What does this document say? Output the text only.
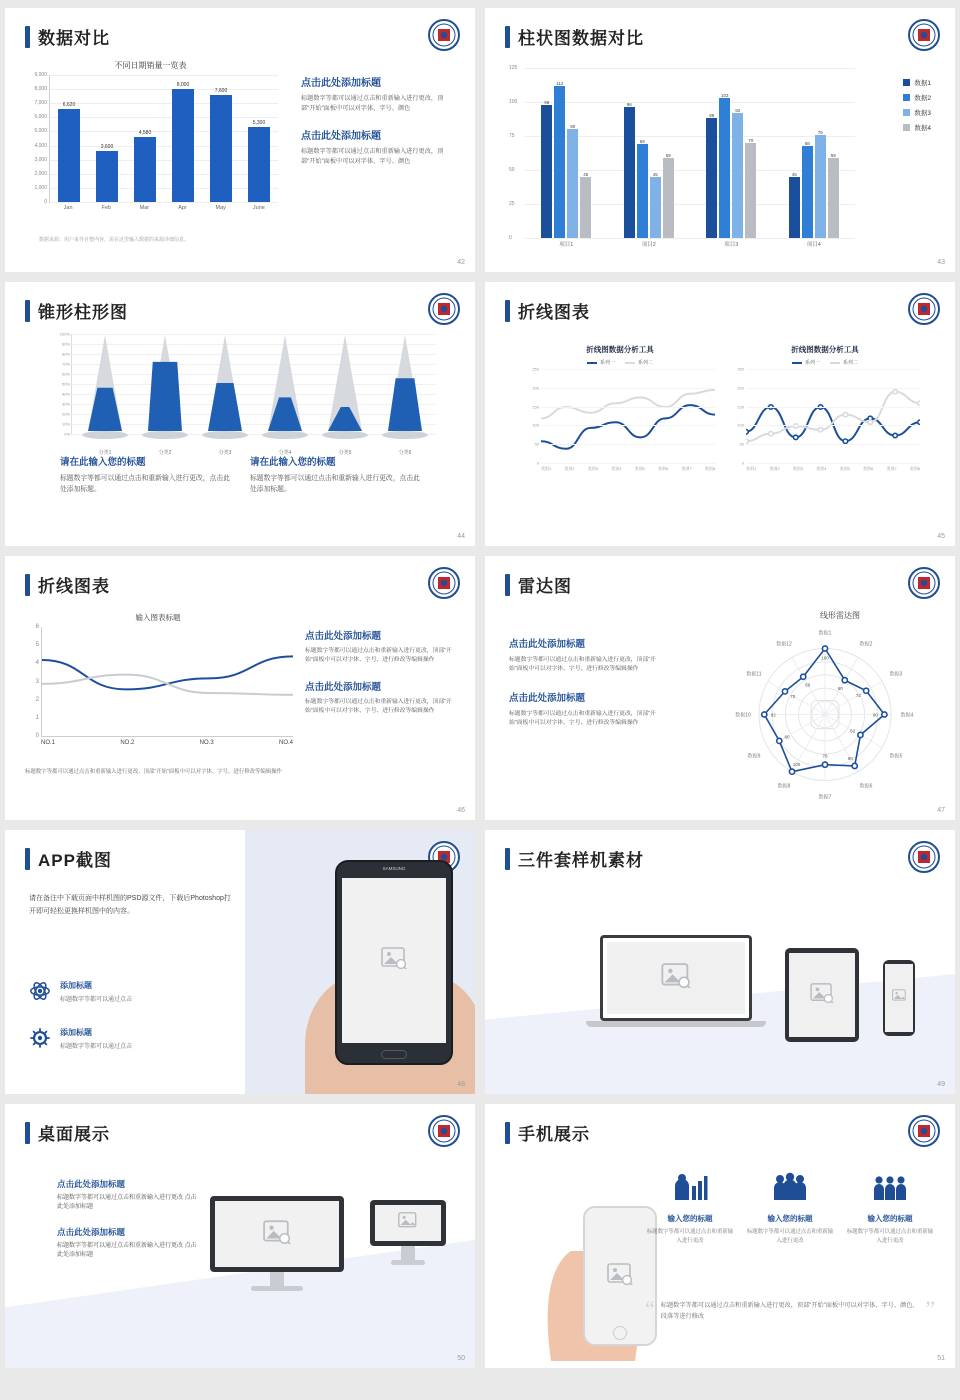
数据对比
不同日期销量一览表
9,000
8,000
7,000
6,000
5,000
4,000
3,000
2,000
1,000
0
6,620
3,600
4,580
8,000
7,600
5,300
Jan	Feb	Mar	Apr	May	June
数据来源：用户来导自整内容，需在这里输入数据的来源详细信息。
点击此处添加标题

标题数字等都可以通过点击和重新输入进行更改，顶部“开始”面板中可以对字体、字号、颜色

点击此处添加标题

标题数字等都可以通过点击和重新输入进行更改，顶部“开始”面板中可以对字体、字号、颜色

42
柱状图数据对比
125
100
75
50
25
0
98
112
80
45
96
69
45
59
88
103
92
70
45
68
76
59
项目1	项目2	项目3	项目4
数据1
数据2
数据3
数据4
43
锥形柱形图
100%
90%
80%
70%
60%
50%
40%
30%
20%
10%
0%
分类1	分类2	分类3	分类4	分类5	分类6
请在此输入您的标题

标题数字等都可以通过点击和重新输入进行更改，点击此处添加标题。

请在此输入您的标题

标题数字等都可以通过点击和重新输入进行更改，点击此处添加标题。

44
折线图表
折线图数据分析工具
系列一	系列二
250
200
150
100
50
0
类别1	类别2	类别3	类别4	类别5	类别6	类别7	类别8
折线图数据分析工具
系列一	系列二
250
200
150
100
50
0
类别1	类别2	类别3	类别4	类别5	类别6	类别7	类别8
45
折线图表
输入图表标题
6
5
4
3
2
1
0
NO.1	NO.2	NO.3	NO.4
标题数字等都可以通过点击和重新输入进行更改，顶部“开始”面板中可以对字体、字号、进行修改等编辑操作
点击此处添加标题

标题数字等都可以通过点击和重新输入进行更改，顶部“开始”面板中可以对字体、字号、进行修改等编辑操作

点击此处添加标题

标题数字等都可以通过点击和重新输入进行更改，顶部“开始”面板中可以对字体、字号、进行修改等编辑操作

46
雷达图
点击此处添加标题

标题数字等都可以通过点击和重新输入进行更改，顶部“开始”面板中可以对字体、字号、进行修改等编辑操作

点击此处添加标题

标题数字等都可以通过点击和重新输入进行更改，顶部“开始”面板中可以对字体、字号、进行修改等编辑操作

线形雷达图
数据1
100
数据2
60
数据3
72
数据4
90
数据5
62
数据6
90
数据7
76
数据8
100
数据9
80
数据10	92
数据11
70
数据12
66
47
APP截图
请在备注中下载页面中样机图的PSD源文件，下载后Photoshop打开即可轻松更换样机图中的内容。
添加标题

标题数字等都可以通过点击

添加标题

标题数字等都可以通过点击

SAMSUNG
48
三件套样机素材
49
桌面展示
点击此处添加标题

标题数字等都可以通过点击和重新输入进行更改 点击此处添加标题

点击此处添加标题

标题数字等都可以通过点击和重新输入进行更改 点击此处添加标题

50
手机展示
输入您的标题

标题数字等都可以通过点击和重新输入进行更改

输入您的标题

标题数字等都可以通过点击和重新输入进行更改

输入您的标题

标题数字等都可以通过点击和重新输入进行更改

“ 标题数字等都可以通过点击和重新输入进行更改，顶部“开始”面板中可以对字体、字号、颜色、段落等进行修改	”
51
